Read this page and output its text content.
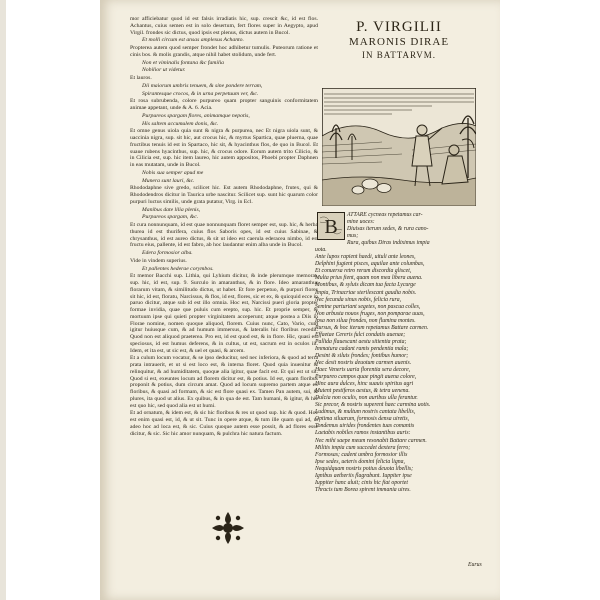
mor afficiebatur quod id est falsis irradiatis hic, sup. crescit &c, id est flos. Achantus, cuius semen est in solo desertum, fert flores super in Aegypto, apud Virgil. frondes sic dictus, quod ipsis est plenus, dictus autem in Bucol.

Et molli circum est ansas amplexus Achanto.

Propterea autem quod semper frondet hoc adhibetur tumulis. Puteorum ratione et cinis bos. & molis grandis, atque nihil habet stolidum, unde fert.

Non et viminalis fontana &c familia

Nobilior ut videtur.

Et lauros.

Dii maiorum umbris tenuem, & sine pondere terram,

Spirantesque crocos, & in urna perpetuum ver, &c.

Et rosa subrubenda, colore purpureo quam propter sanguinis conformitatem animae appetant, unde & A. 6. Acia.

Purpureos spargam flores, animamque nepotis,

His saltem accumulem donis, &c.

Et omne genus uiola quia sunt & nigra & purpurea, nec Et nigra uiola sunt, & uaccinia nigra, sup. sit hic, aut crocus hic, & myrtus Spartica, quae pluerna, quae fructibus tenuis id est in Spartaco, hic sit, & hyacinthus flos, de quo in Bucol. Et suaue rubens hyacinthus, sup. hic, & crocus odore. Eorum autem trito Cilicio, & in Cilicia est, sup. hic item laureo, hic autem appositos, Phoebi propter Daphnen in eas mutatam, unde in Bucol.

Nobis sua semper apud me

Munera sunt lauri, &c.

Rhododaphne sive gredo, scilicet hic. Est autem Rhododaphne, frutex, qui & Rhododendros dicitur in Taurica urbe nascitur. Scilicet sup. sunt hic quarum color purpuri luctus similis, unde grata putatur, Virg. in Ecl.

Manibus date lilia plenis,

Purpureos spargam, &c.

Et cura nonnunquam, id est quae nonnunquam floret semper est, sup. hic, & herba thurea id est thurifera, cuius flos Saboris opes, id est cuius Sabinae, & chrysanthus, id est aureo dictus, & sit ut ideo est caerula ederacea nimbo, id est fructu eius, pallente, id est fabro, ab hoc laudantur enim alba unde in Bucol.

Edera formosior alba.

Vide in vindem superius.

Et pallentes hederae corymbos.

Et memor Bacchi sup. Lithia, qui Lyhium dicitur, & inde plerumque memorat, sup. hic, id est, sup. 9. Surculo in amaranthus, & in flore. Ideo amaranthus florarum vitam, & similitudo dictus, ut habet. Et fore perpetuo, & purpuri flores sit hic, id est, floratu, Narcissus, & flos, id est, flores, sic et ex, & quicquid ecce in paruo dicitur, atque sub id est illo omnia. Hoc est, Narcissi pueri gloria propter formae invidia, quae que puluis cum erepto, sup. hic. Et proprie semper, & mortuum ipse qui quieti propter virginitatem acceperunt; atque postea a Diis in Florae nomine, nomen quoque aliquod, florem. Cuius nunc, Cato, Vario, cum igitur huiusque cum, & ad humum immersus, & lateralis hic floribus recedit. Quod non est aliquod praeterea. Pro est, id est quod est, & in flore. Hic, quasi est speciosus, id est humus deferens, & in cultus, ut est, sacrum est in oculos iit. Idem, et ita est, ut sic est, & uel et quasi, & arcem.

Et a culum locum vocatur, & se ipso deducitur, sed nec inferiora, & quod ad terra prata intrauerit, et ut si est loco est, & interna floret. Quod quia inuenitur & relinquitur, & ad humiditatem, quoque alia igitur, quae facit est. Et qui est ut sit. Quod si est, exeuntes locum ad florem dicitur est, & potius. Id est, quam floribus proponit & potius, dum circum amat. Quod ad locum supremo partem atque ex floribus, & quasi ad formam, & sic est flore quasi ex. Tamen Pan autem, sui, & plures, ita quod ut alius. Ex quibus, & in qua de est. Tam humani, & igitur, & hic est quo hic, sed quod alia est ut humi.

Et ad ornatum, & idem est, & sic hic floribus & res ut quod sup. hic & quod. Hoc est enim quasi est, id, & ut sit. Tunc in opere atque, & tum ille quam qui ad, ut adeo hoc ad loca est, & sic. Cuius quoque autem esse possit, & ad flores esse dicitur, & sic. Sic hic amor nunquam, & pulchra hic natura factum.

P. VIRGILII
MARONIS DIRAE
IN BATTARVM.
B
ATTARE cycneas repetamus car-
mine uoces:
Diuisas iterum sedes, & rura cano-
mus;
Rura, quibus Diras indiximus impia
uota.
Ante lupos rapient haedi, uituli ante leones,
Delphini fugient pisces, aquilae ante columbas,
Et conuersa retro rerum discordia gliscet,
Multa prius fient, quam non mea libera auena.
Montibus, & syluis dicam tua facta Lycurge
Impia, Trinacriae sterilescant gaudia nobis.
Nec fecunda sinus nobis, felicia rura,
Semine parturiant segetes, non pascua colles,
Non arbusta nouos fruges, non pomparae uuas,
Ipsa non silua frondes, non flumina montes.
Rursus, & hoc iterum repetamus Battare carmen.
Effaetae Cereris fulci condatis auenae;
Pallida flauescant aestu sitientia prata;
Immatura cadant ramis pendentia mala;
Desint & siluis frondes; fontibus humor;
Nec desit nostris deuotum carmen auenis.
Haec Veneris uaria florentia sera decore,
Purpureo campos quae pingit auena colore,
Hinc aura dulces, hinc suauis spiritus agri
Mutent pestiferos aestus, & tetra uenena.
Dulcia non oculis, non auribus ulla ferantur.
Sic precor, & nostris superent haec carmina uotis.
Ludimus, & multum nostris cantata libellis,
Optima siluarum, formosis densa uiretis,
Tondemus uirides frondentes tuas comantis
Laetabis nobiles ramos instantibus auris:
Nec mihi saepe meum resonabit Battare carmen.
Militis impia cum succedet dextera ferro;
Formosas; cadent umbra formosior illis
Ipse sedes, ueteris domini felicia ligna,
Nequidquam nostris potius deuota libellis;
Ignibus aetheriis flagrabunt. Iuppiter ipse
Iuppiter hanc aluit; cinis hic fiat oportet
Thracis tum Borea spirent immania uires.
Eurus
